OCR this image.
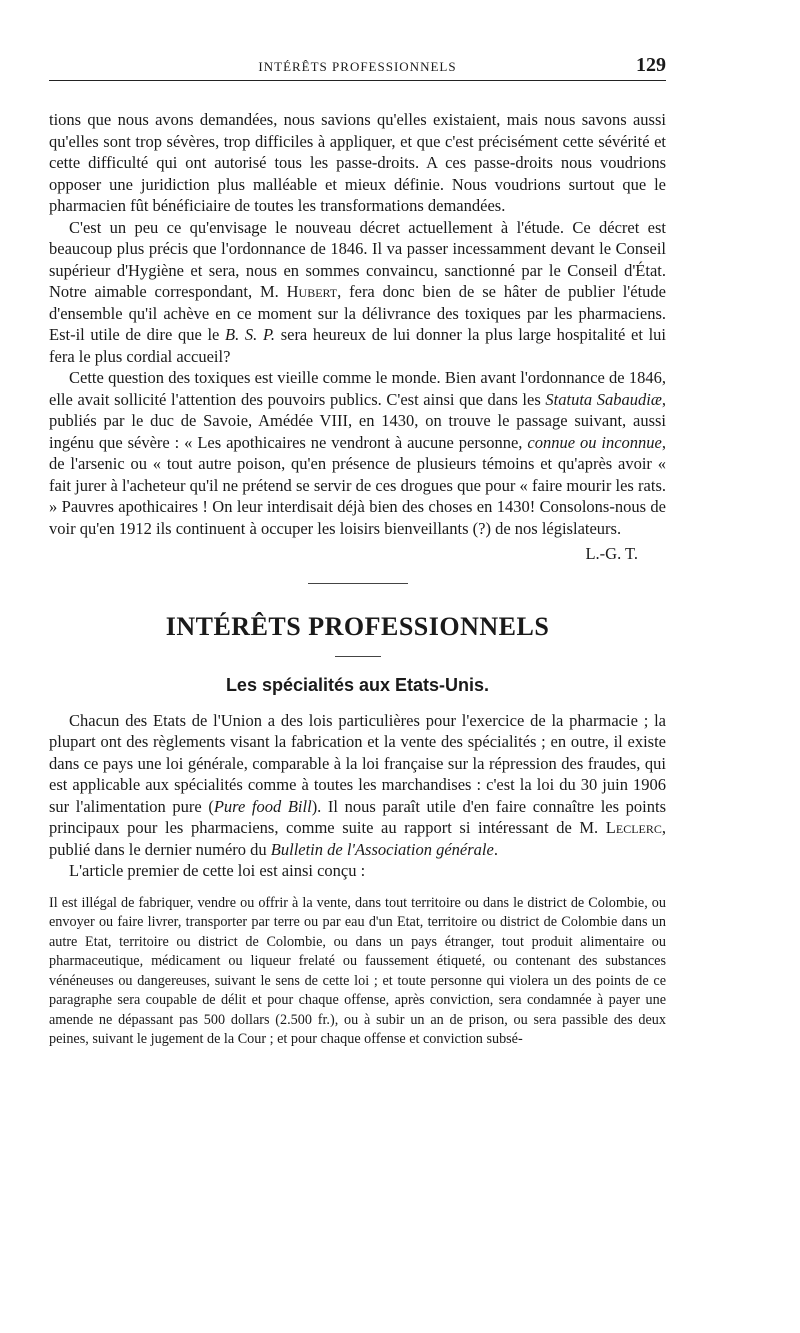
INTÉRÊTS PROFESSIONNELS	129

tions que nous avons demandées, nous savions qu'elles existaient, mais nous savons aussi qu'elles sont trop sévères, trop difficiles à appliquer, et que c'est précisément cette sévérité et cette difficulté qui ont autorisé tous les passe-droits. A ces passe-droits nous voudrions opposer une juridiction plus malléable et mieux définie. Nous voudrions surtout que le pharmacien fût bénéficiaire de toutes les transformations demandées.

C'est un peu ce qu'envisage le nouveau décret actuellement à l'étude. Ce décret est beaucoup plus précis que l'ordonnance de 1846. Il va passer incessamment devant le Conseil supérieur d'Hygiène et sera, nous en sommes convaincu, sanctionné par le Conseil d'État. Notre aimable correspondant, M. Hubert, fera donc bien de se hâter de publier l'étude d'ensemble qu'il achève en ce moment sur la délivrance des toxiques par les pharmaciens. Est-il utile de dire que le B. S. P. sera heureux de lui donner la plus large hospitalité et lui fera le plus cordial accueil?

Cette question des toxiques est vieille comme le monde. Bien avant l'ordonnance de 1846, elle avait sollicité l'attention des pouvoirs publics. C'est ainsi que dans les Statuta Sabaudiæ, publiés par le duc de Savoie, Amédée VIII, en 1430, on trouve le passage suivant, aussi ingénu que sévère : « Les apothicaires ne vendront à aucune personne, connue ou inconnue, de l'arsenic ou « tout autre poison, qu'en présence de plusieurs témoins et qu'après avoir « fait jurer à l'acheteur qu'il ne prétend se servir de ces drogues que pour « faire mourir les rats. » Pauvres apothicaires ! On leur interdisait déjà bien des choses en 1430! Consolons-nous de voir qu'en 1912 ils continuent à occuper les loisirs bienveillants (?) de nos législateurs.

L.-G. T.
INTÉRÊTS PROFESSIONNELS
Les spécialités aux Etats-Unis.

Chacun des Etats de l'Union a des lois particulières pour l'exercice de la pharmacie ; la plupart ont des règlements visant la fabrication et la vente des spécialités ; en outre, il existe dans ce pays une loi générale, comparable à la loi française sur la répression des fraudes, qui est applicable aux spécialités comme à toutes les marchandises : c'est la loi du 30 juin 1906 sur l'alimentation pure (Pure food Bill). Il nous paraît utile d'en faire connaître les points principaux pour les pharmaciens, comme suite au rapport si intéressant de M. Leclerc, publié dans le dernier numéro du Bulletin de l'Association générale.

L'article premier de cette loi est ainsi conçu :

Il est illégal de fabriquer, vendre ou offrir à la vente, dans tout territoire ou dans le district de Colombie, ou envoyer ou faire livrer, transporter par terre ou par eau d'un Etat, territoire ou district de Colombie dans un autre Etat, territoire ou district de Colombie, ou dans un pays étranger, tout produit alimentaire ou pharmaceutique, médicament ou liqueur frelaté ou faussement étiqueté, ou contenant des substances vénéneuses ou dangereuses, suivant le sens de cette loi ; et toute personne qui violera un des points de ce paragraphe sera coupable de délit et pour chaque offense, après conviction, sera condamnée à payer une amende ne dépassant pas 500 dollars (2.500 fr.), ou à subir un an de prison, ou sera passible des deux peines, suivant le jugement de la Cour ; et pour chaque offense et conviction subsé-
